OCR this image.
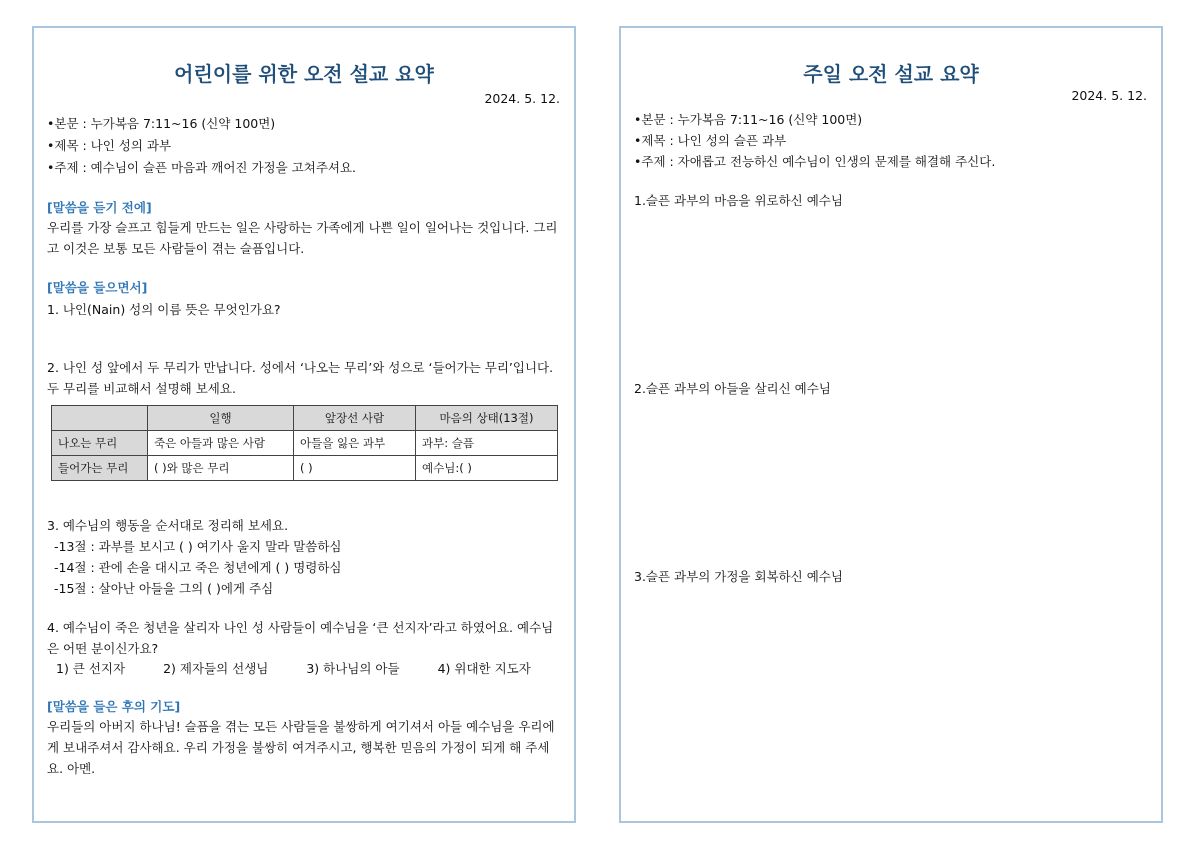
어린이를 위한 오전 설교 요약
2024. 5. 12.
•본문 : 누가복음 7:11~16 (신약 100면)
•제목 : 나인 성의 과부
•주제 : 예수님이 슬픈 마음과 깨어진 가정을 고쳐주셔요.
[말씀을 듣기 전에]
우리를 가장 슬프고 힘들게 만드는 일은 사랑하는 가족에게 나쁜 일이 일어나는 것입니다. 그리고 이것은 보통 모든 사람들이 겪는 슬픔입니다.
[말씀을 들으면서]
1. 나인(Nain) 성의 이름 뜻은 무엇인가요?
2. 나인 성 앞에서 두 무리가 만납니다. 성에서 ‘나오는 무리’와 성으로 ‘들어가는 무리’입니다. 두 무리를 비교해서 설명해 보세요.
	일행	앞장선 사람	마음의 상태(13절)
나오는 무리	죽은 아들과 많은 사람	아들을 잃은 과부	과부: 슬픔
들어가는 무리	( )와 많은 무리	( )	예수님:( )
3. 예수님의 행동을 순서대로 정리해 보세요.
-13절 : 과부를 보시고 ( ) 여기사 울지 말라 말씀하심
-14절 : 관에 손을 대시고 죽은 청년에게 ( ) 명령하심
-15절 : 살아난 아들을 그의 ( )에게 주심
4. 예수님이 죽은 청년을 살리자 나인 성 사람들이 예수님을 ‘큰 선지자’라고 하였어요. 예수님은 어떤 분이신가요?
1) 큰 선지자	2) 제자들의 선생님	3) 하나님의 아들	4) 위대한 지도자
[말씀을 들은 후의 기도]
우리들의 아버지 하나님! 슬픔을 겪는 모든 사람들을 불쌍하게 여기셔서 아들 예수님을 우리에게 보내주셔서 감사해요. 우리 가정을 불쌍히 여겨주시고, 행복한 믿음의 가정이 되게 해 주세요. 아멘.
주일 오전 설교 요약
2024. 5. 12.
•본문 : 누가복음 7:11~16 (신약 100면)
•제목 : 나인 성의 슬픈 과부
•주제 : 자애롭고 전능하신 예수님이 인생의 문제를 해결해 주신다.
1.슬픈 과부의 마음을 위로하신 예수님
2.슬픈 과부의 아들을 살리신 예수님
3.슬픈 과부의 가정을 회복하신 예수님
